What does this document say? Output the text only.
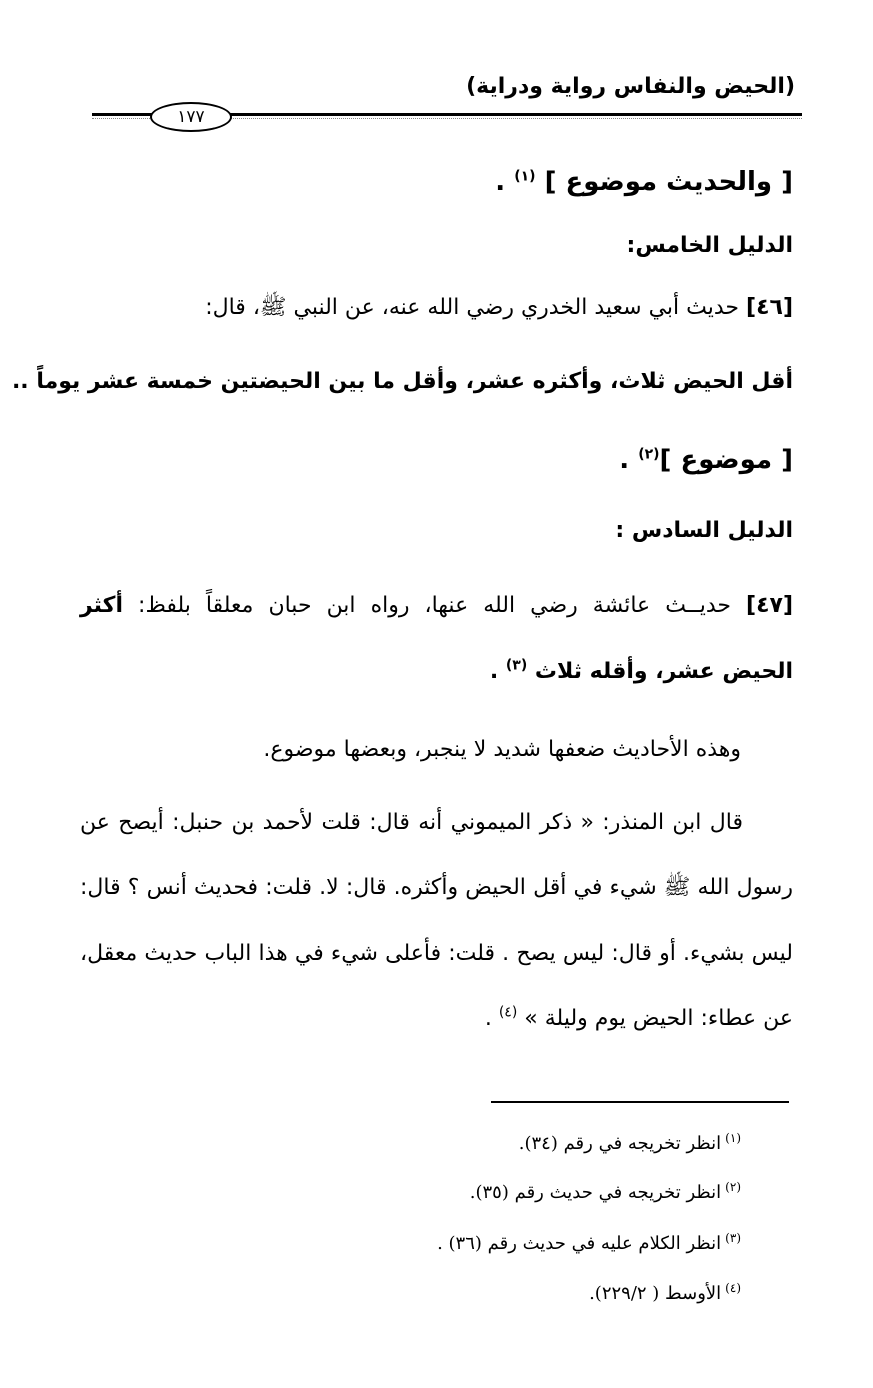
(الحيض والنفاس رواية ودراية)
١٧٧
[ والحديث موضوع ] $^{(١)}$ .
الدليل الخامس:
[٤٦] حديث أبي سعيد الخدري رضي الله عنه، عن النبي ﷺ، قال:
أقل الحيض ثلاث، وأكثره عشر، وأقل ما بين الحيضتين خمسة عشر يوماً ..
[ موضوع ]$^{(٢)}$ .
الدليل السادس :
[٤٧] حديــث عائشة رضي الله عنها، رواه ابن حبان معلقاً بلفظ: أكثر
الحيض عشر، وأقله ثلاث $^{(٣)}$ .
وهذه الأحاديث ضعفها شديد لا ينجبر، وبعضها موضوع.
قال ابن المنذر: « ذكر الميموني أنه قال: قلت لأحمد بن حنبل: أيصح عن
رسول الله ﷺ شيء في أقل الحيض وأكثره. قال: لا. قلت: فحديث أنس ؟ قال:
ليس بشيء. أو قال: ليس يصح . قلت: فأعلى شيء في هذا الباب حديث معقل،
عن عطاء: الحيض يوم وليلة » $^{(٤)}$ .
$^{(١)}$انظر تخريجه في رقم (٣٤).
$^{(٢)}$انظر تخريجه في حديث رقم (٣٥).
$^{(٣)}$انظر الكلام عليه في حديث رقم (٣٦) .
$^{(٤)}$الأوسط ( ٢٢٩/٢).
